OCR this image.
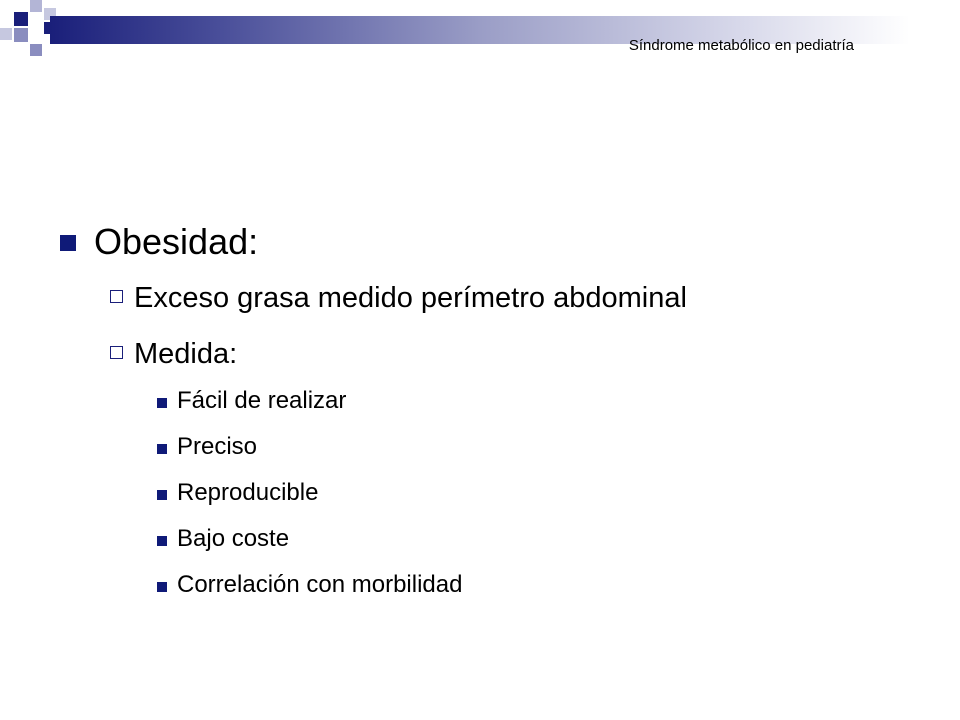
Síndrome metabólico en pediatría
Obesidad:
Exceso grasa medido perímetro abdominal
Medida:
Fácil de realizar
Preciso
Reproducible
Bajo coste
Correlación con morbilidad
